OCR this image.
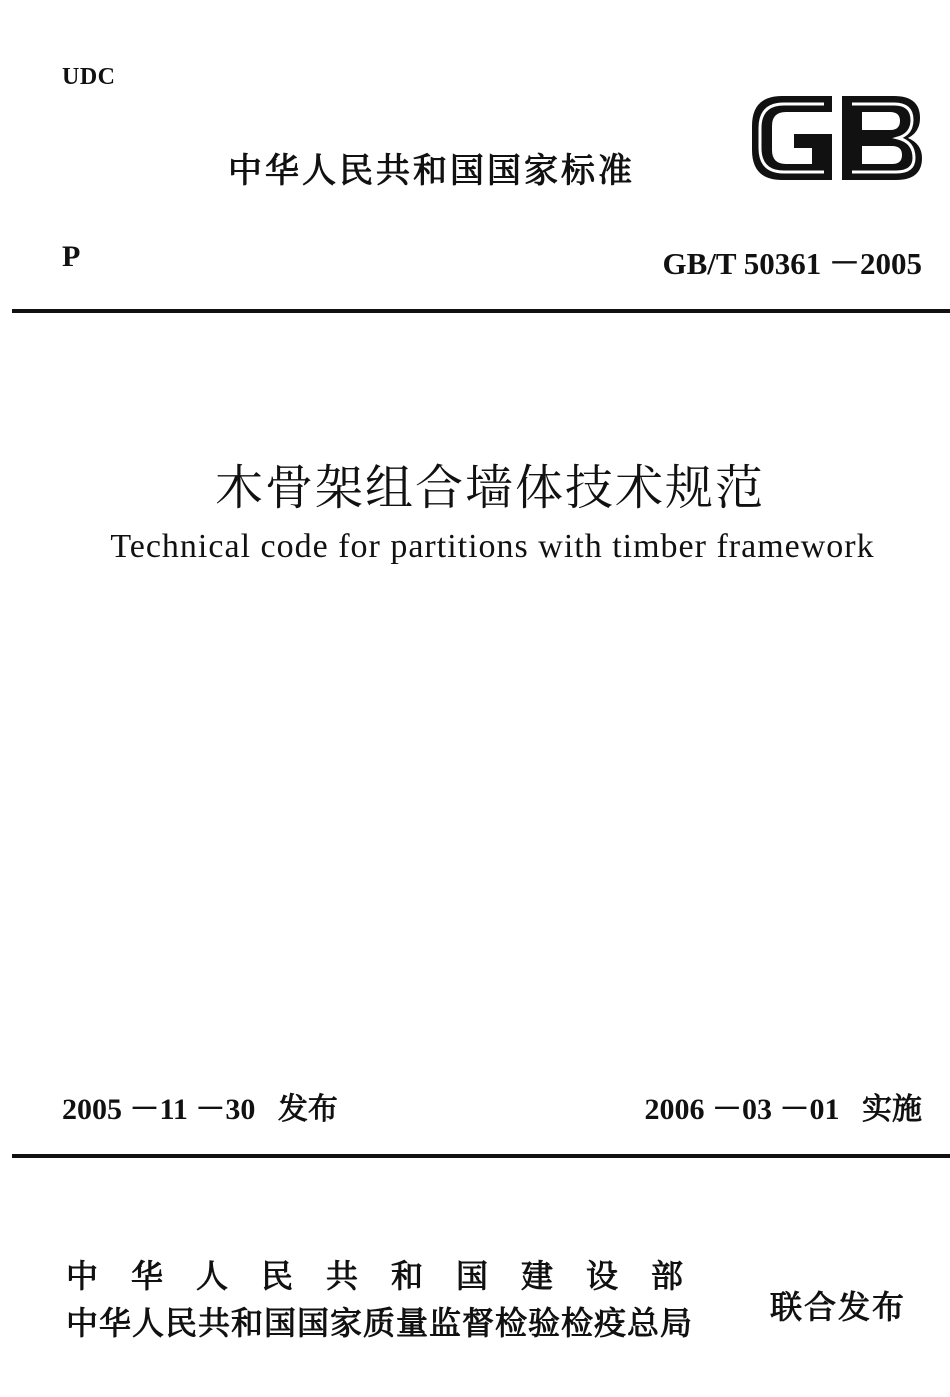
UDC
中华人民共和国国家标准
P	GB/T 50361 －2005
木骨架组合墙体技术规范
Technical code for partitions with timber framework
2005 －11 －30 发布	2006 －03 －01 实施
中华人民共和国建设部
中华人民共和国国家质量监督检验检疫总局 联合发布
